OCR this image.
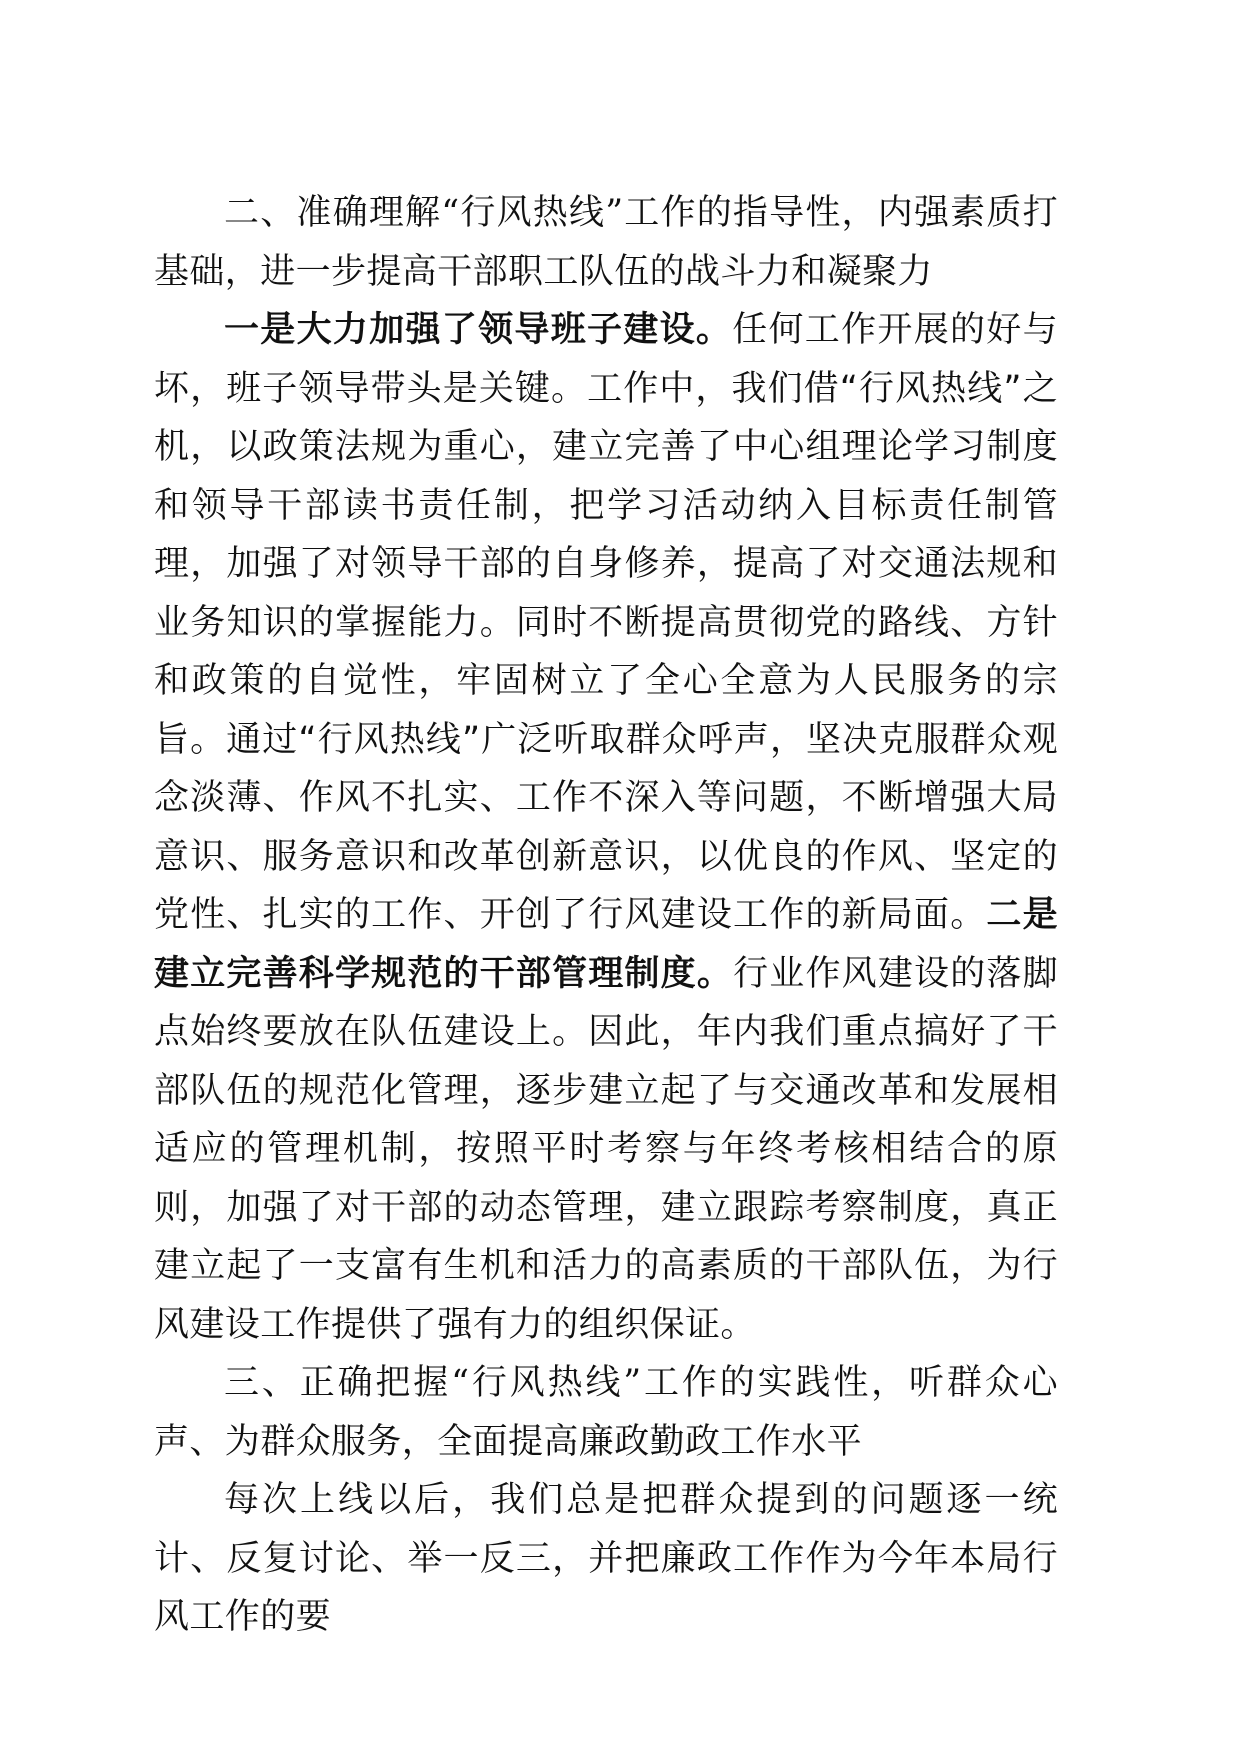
二、准确理解“行风热线”工作的指导性，内强素质打基础，进一步提高干部职工队伍的战斗力和凝聚力

一是大力加强了领导班子建设。任何工作开展的好与坏，班子领导带头是关键。工作中，我们借“行风热线”之机，以政策法规为重心，建立完善了中心组理论学习制度和领导干部读书责任制，把学习活动纳入目标责任制管理，加强了对领导干部的自身修养，提高了对交通法规和业务知识的掌握能力。同时不断提高贯彻党的路线、方针和政策的自觉性，牢固树立了全心全意为人民服务的宗旨。通过“行风热线”广泛听取群众呼声，坚决克服群众观念淡薄、作风不扎实、工作不深入等问题，不断增强大局意识、服务意识和改革创新意识，以优良的作风、坚定的党性、扎实的工作、开创了行风建设工作的新局面。二是建立完善科学规范的干部管理制度。行业作风建设的落脚点始终要放在队伍建设上。因此，年内我们重点搞好了干部队伍的规范化管理，逐步建立起了与交通改革和发展相适应的管理机制，按照平时考察与年终考核相结合的原则，加强了对干部的动态管理，建立跟踪考察制度，真正建立起了一支富有生机和活力的高素质的干部队伍，为行风建设工作提供了强有力的组织保证。

三、正确把握“行风热线”工作的实践性，听群众心声、为群众服务，全面提高廉政勤政工作水平

每次上线以后，我们总是把群众提到的问题逐一统计、反复讨论、举一反三，并把廉政工作作为今年本局行风工作的要
